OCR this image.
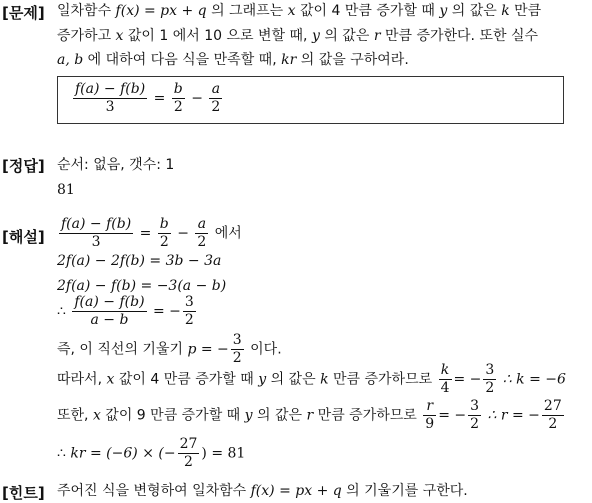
[문제] 일차함수 f(x) = px + q 의 그래프는 x 값이 4 만큼 증가할 때 y 의 값은 k 만큼
증가하고 x 값이 1 에서 10 으로 변할 때, y 의 값은 r 만큼 증가한다. 또한 실수
a, b 에 대하여 다음 식을 만족할 때, kr 의 값을 구하여라.
$\frac{f(a) - f(b)}{3} = \frac{b}{2} - \frac{a}{2}$
[정답] 순서: 없음, 갯수: 1
81
[해설] $\frac{f(a) - f(b)}{3} = \frac{b}{2} - \frac{a}{2}$ 에서
2f(a) − 2f(b) = 3b − 3a
2f(a) − f(b) = −3(a − b)
∴ $\frac{f(a) - f(b)}{a - b}$ = − $\frac{3}{2}$
즉, 이 직선의 기울기 p = − $\frac{3}{2}$ 이다.
따라서, x 값이 4 만큼 증가할 때 y 의 값은 k 만큼 증가하므로 $\frac{k}{4}$ = − $\frac{3}{2}$ ∴ k = −6
또한, x 값이 9 만큼 증가할 때 y 의 값은 r 만큼 증가하므로 $\frac{r}{9}$ = − $\frac{3}{2}$ ∴ r = − $\frac{27}{2}$
∴ kr = (−6) × (− $\frac{27}{2}$ ) = 81
[힌트] 주어진 식을 변형하여 일차함수 f(x) = px + q 의 기울기를 구한다.
